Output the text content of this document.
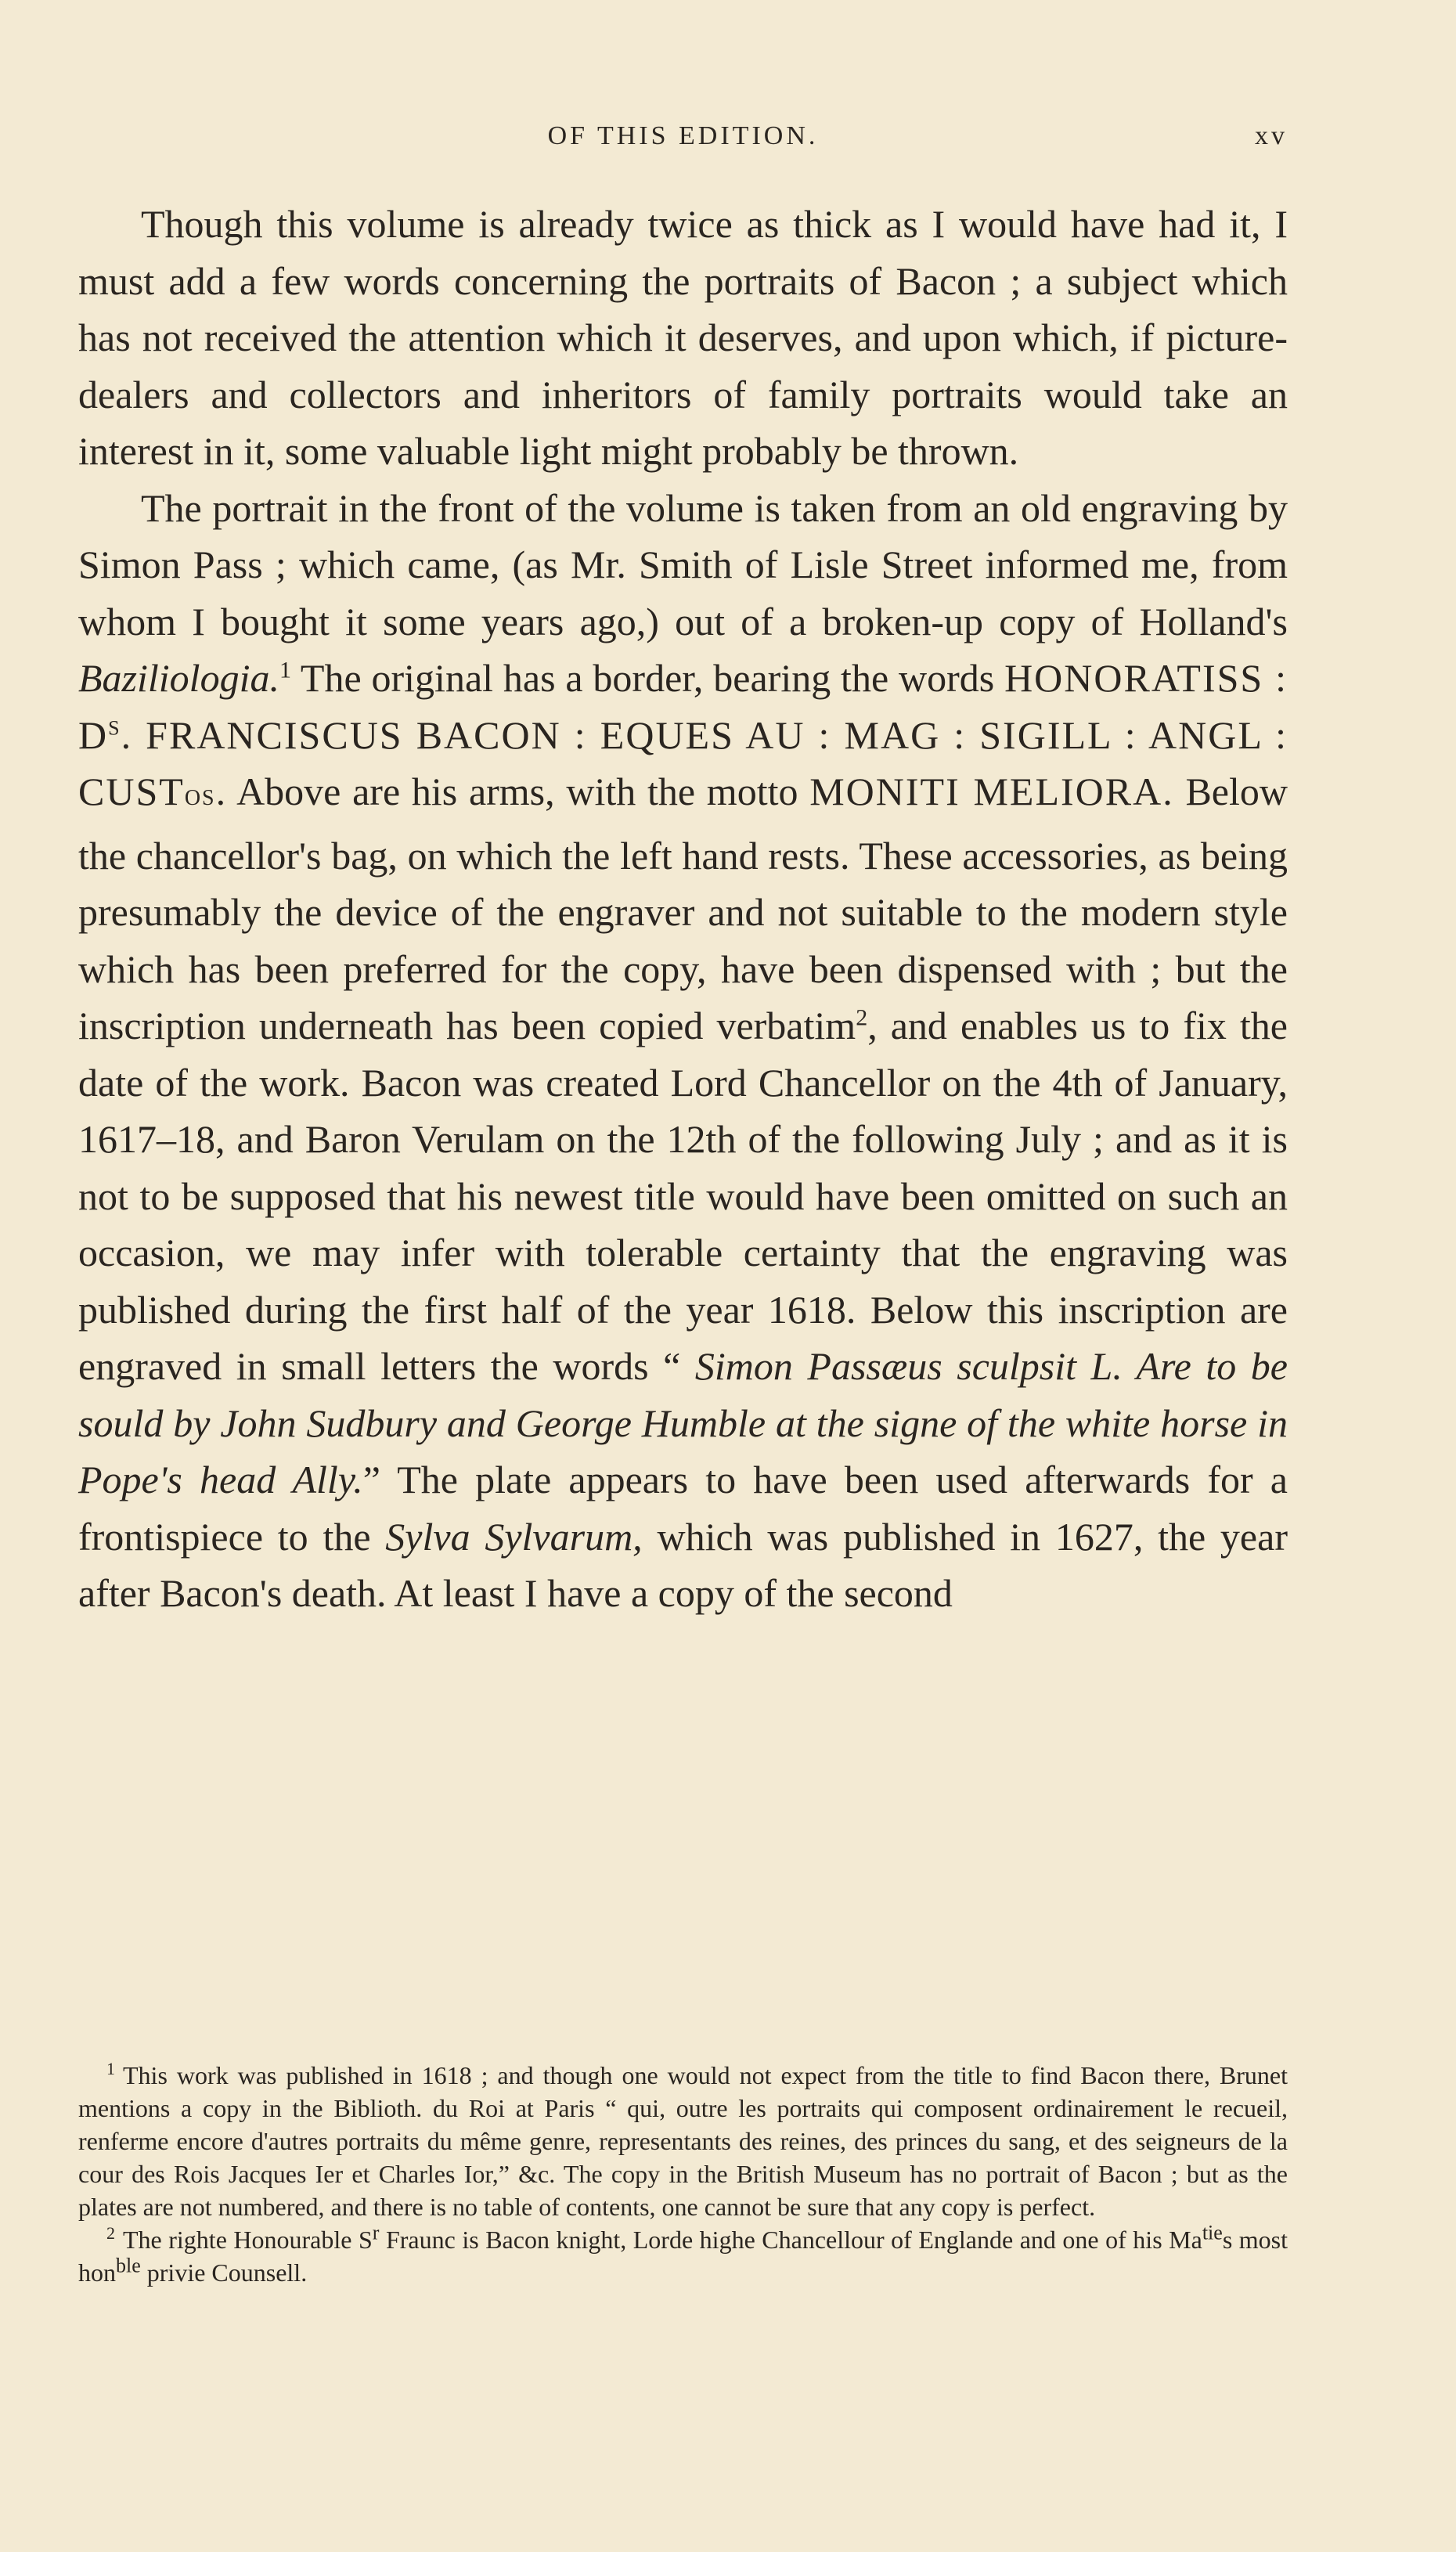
OF THIS EDITION.	xv

Though this volume is already twice as thick as I would have had it, I must add a few words concerning the portraits of Bacon ; a subject which has not received the attention which it deserves, and upon which, if picture-dealers and collectors and inheritors of family portraits would take an interest in it, some valuable light might probably be thrown.

The portrait in the front of the volume is taken from an old engraving by Simon Pass ; which came, (as Mr. Smith of Lisle Street informed me, from whom I bought it some years ago,) out of a broken-up copy of Holland's Baziliologia.$^1$ The original has a border, bearing the words HONORATISS : $D^S$. FRANCISCUS BACON : EQUES AU : MAG : SIGILL : ANGL : CUSTOS. Above are his arms, with the motto MONITI MELIORA. Below the chancellor's bag, on which the left hand rests. These accessories, as being presumably the device of the engraver and not suitable to the modern style which has been preferred for the copy, have been dispensed with ; but the inscription underneath has been copied verbatim$^2$, and enables us to fix the date of the work. Bacon was created Lord Chancellor on the 4th of January, 1617–18, and Baron Verulam on the 12th of the following July ; and as it is not to be supposed that his newest title would have been omitted on such an occasion, we may infer with tolerable certainty that the engraving was published during the first half of the year 1618. Below this inscription are engraved in small letters the words “ Simon Passæus sculpsit L. Are to be sould by John Sudbury and George Humble at the signe of the white horse in Pope's head Ally.” The plate appears to have been used afterwards for a frontispiece to the Sylva Sylvarum, which was published in 1627, the year after Bacon's death. At least I have a copy of the second

$^1$ This work was published in 1618 ; and though one would not expect from the title to find Bacon there, Brunet mentions a copy in the Biblioth. du Roi at Paris “ qui, outre les portraits qui composent ordinairement le recueil, renferme encore d'autres portraits du même genre, representants des reines, des princes du sang, et des seigneurs de la cour des Rois Jacques Ier et Charles Ior,” &c. The copy in the British Museum has no portrait of Bacon ; but as the plates are not numbered, and there is no table of contents, one cannot be sure that any copy is perfect.

$^2$ The righte Honourable $S^r$ Fraunc is Bacon knight, Lorde highe Chancellour of Englande and one of his $Ma^{tie}s$ most hon$^{ble}$ privie Counsell.
